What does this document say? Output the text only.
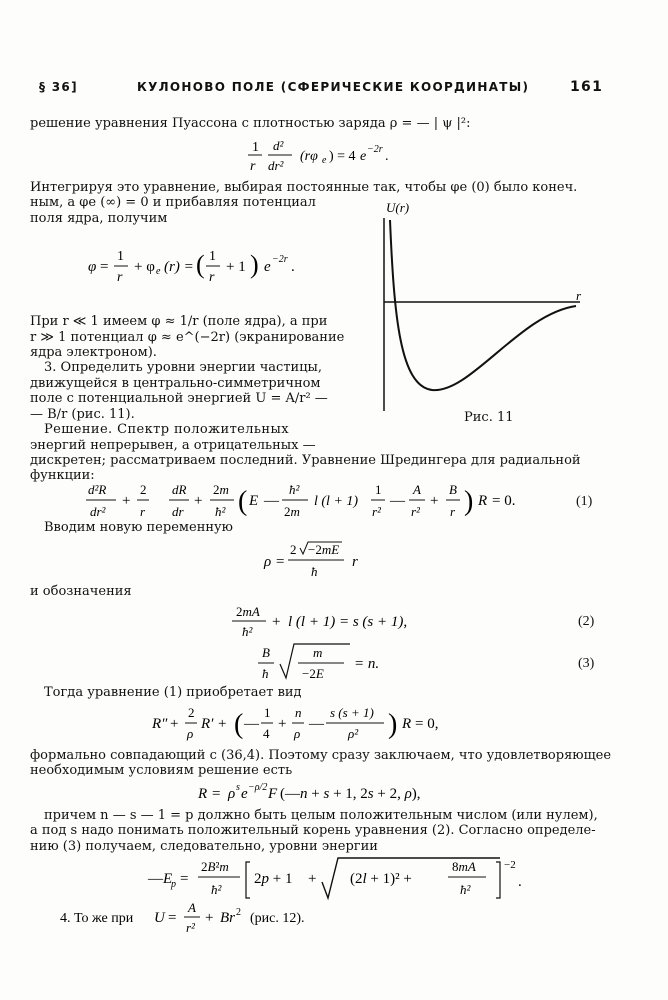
§ 36]	КУЛОНОВО ПОЛЕ (СФЕРИЧЕСКИЕ КООРДИНАТЫ)	161
решение уравнения Пуассона с плотностью заряда ρ = — | ψ |²:
1
r
d²
dr²
(rφ e ) = 4 e −2r .
Интегрируя это уравнение, выбирая постоянные так, чтобы φe (0) было конеч.
ным, а φe (∞) = 0 и прибавляя потенциал
поля ядра, получим
φ =
1
r
+ φ e (r) = ( 1
r
+ 1 ) e −2r .
При r ≪ 1 имеем φ ≈ 1/r (поле ядра), а при
r ≫ 1 потенциал φ ≈ e^(−2r) (экранирование
ядра электроном).
3. Определить уровни энергии частицы,
движущейся в центрально-симметричном
поле с потенциальной энергией U = A/r² —
— B/r (рис. 11).
Решение. Спектр положительных
энергий непрерывен, а отрицательных —
дискретен; рассматриваем последний. Уравнение Шредингера для радиальной
функции:
U(r)
r
Рис. 11
d²R
dr²
+
2
r
dR
dr
+
2m
ħ² ( E —
ħ²
2m
l (l + 1)
1
r²
—
A
r²
+
B
r ) R = 0.	(1)
Вводим новую переменную
ρ =
2 −2mE
ħ
r
и обозначения
2mA
ħ²
+ l (l + 1) = s (s + 1),	(2)
B
ħ
m
−2E
= n.	(3)
Тогда уравнение (1) приобретает вид
R″ +
2
ρ
R′ + ( —
1
4
+
n
ρ
—
s (s + 1)
ρ² ) R = 0,
формально совпадающий с (36,4). Поэтому сразу заключаем, что удовлетворяющее
необходимым условиям решение есть
R = ρ s e −ρ/2 F (—n + s + 1, 2s + 2, ρ),
причем n — s — 1 = p должно быть целым положительным числом (или нулем),
а под s надо понимать положительный корень уравнения (2). Согласно определе-
нию (3) получаем, следовательно, уровни энергии
—E
p =
2B²m
ħ²
2p + 1 + (2l + 1)² +
8mA
ħ²
−2
.
4. То же при U =
A
r²
+ Br 2 (рис. 12).
